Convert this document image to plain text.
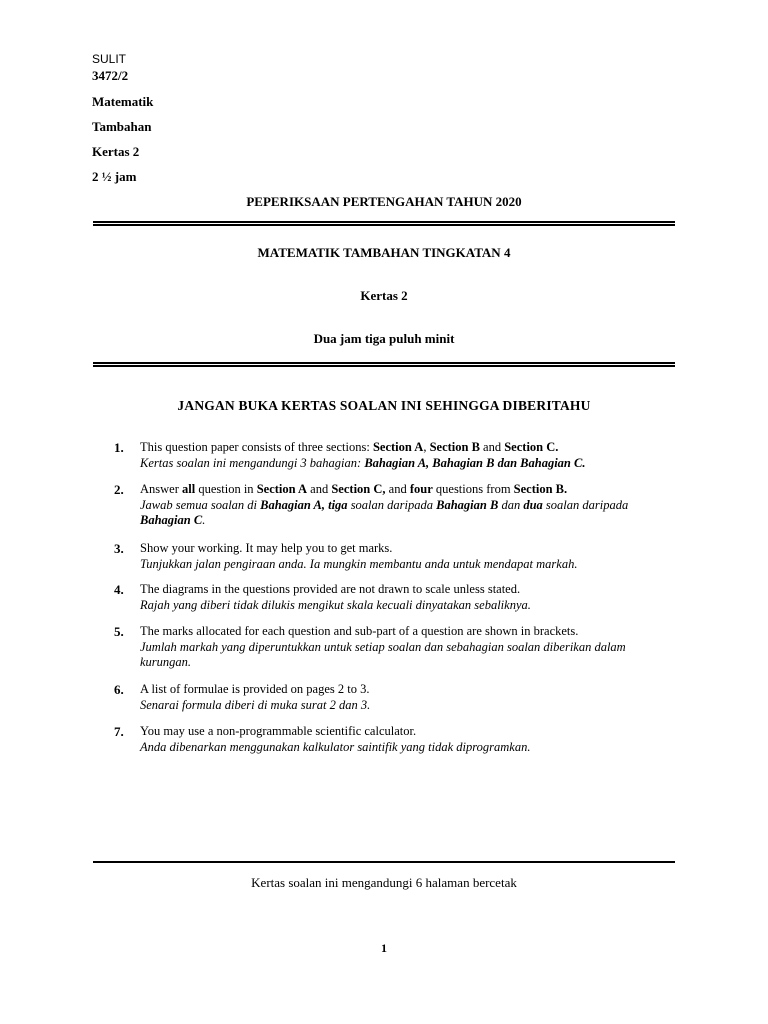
SULIT
3472/2
Matematik
Tambahan
Kertas 2
2 ½ jam
PEPERIKSAAN PERTENGAHAN TAHUN 2020
MATEMATIK TAMBAHAN TINGKATAN 4
Kertas 2
Dua jam tiga puluh minit
JANGAN BUKA KERTAS SOALAN INI SEHINGGA DIBERITAHU
1. This question paper consists of three sections: Section A, Section B and Section C.
Kertas soalan ini mengandungi 3 bahagian: Bahagian A, Bahagian B dan Bahagian C.
2. Answer all question in Section A and Section C, and four questions from Section B.
Jawab semua soalan di Bahagian A, tiga soalan daripada Bahagian B dan dua soalan daripada Bahagian C.
3. Show your working. It may help you to get marks.
Tunjukkan jalan pengiraan anda. Ia mungkin membantu anda untuk mendapat markah.
4. The diagrams in the questions provided are not drawn to scale unless stated.
Rajah yang diberi tidak dilukis mengikut skala kecuali dinyatakan sebaliknya.
5. The marks allocated for each question and sub-part of a question are shown in brackets.
Jumlah markah yang diperuntukkan untuk setiap soalan dan sebahagian soalan diberikan dalam kurungan.
6. A list of formulae is provided on pages 2 to 3.
Senarai formula diberi di muka surat 2 dan 3.
7. You may use a non-programmable scientific calculator.
Anda dibenarkan menggunakan kalkulator saintifik yang tidak diprogramkan.
Kertas soalan ini mengandungi 6 halaman bercetak
1
